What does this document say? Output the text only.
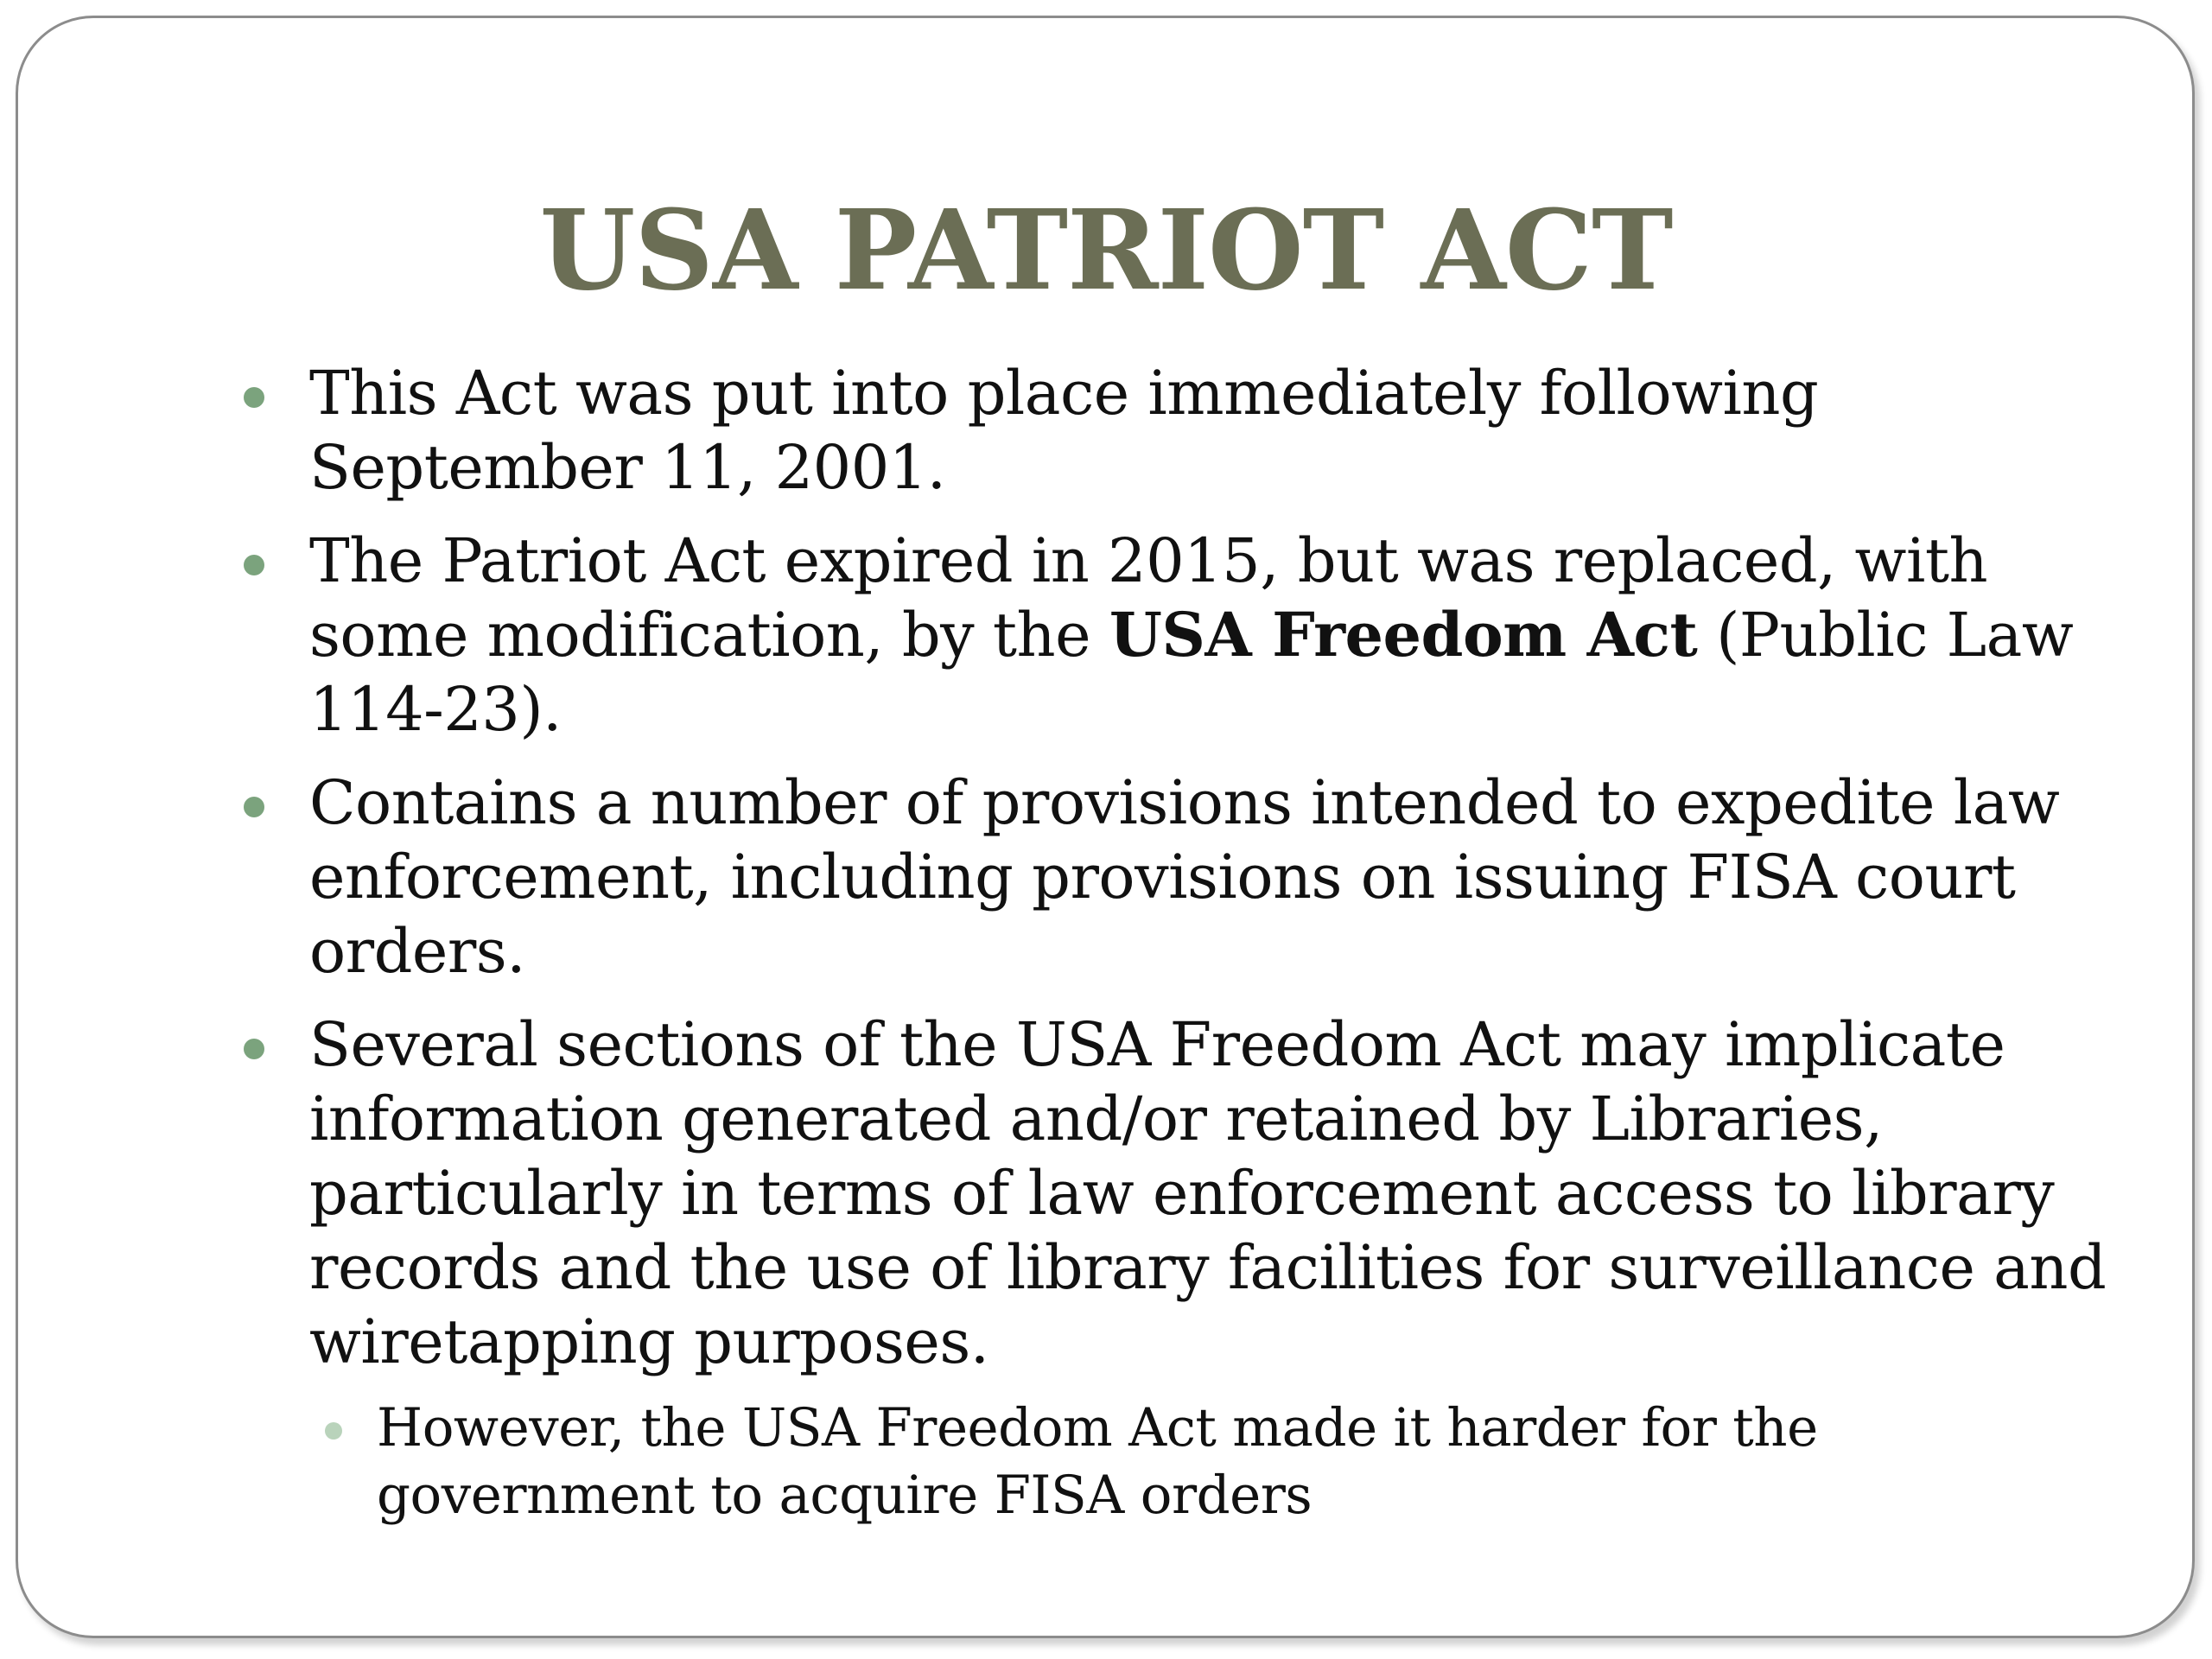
USA PATRIOT ACT
This Act was put into place immediately following September 11, 2001.
The Patriot Act expired in 2015, but was replaced, with some modification, by the USA Freedom Act (Public Law 114-23).
Contains a number of provisions intended to expedite law enforcement, including provisions on issuing FISA court orders.
Several sections of the USA Freedom Act may implicate information generated and/or retained by Libraries, particularly in terms of law enforcement access to library records and the use of library facilities for surveillance and wiretapping purposes.
However, the USA Freedom Act made it harder for the government to acquire FISA orders
